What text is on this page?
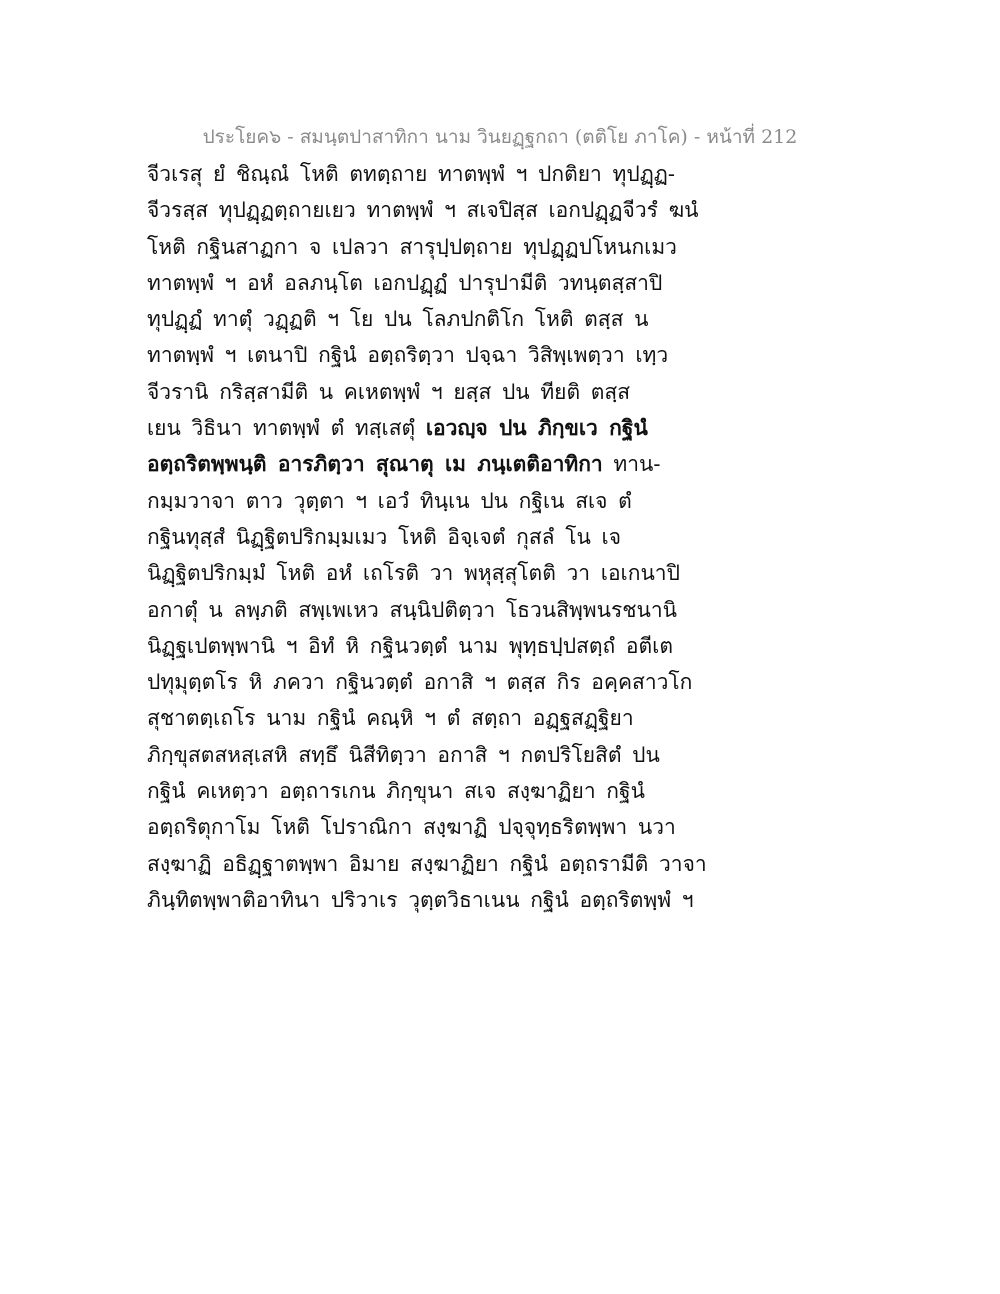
ประโยค๖ - สมนฺตปาสาทิกา นาม วินยฏฺฐกถา (ตติโย ภาโค) - หน้าที่ 212
จีวเรสุ ยํ ชิณฺณํ โหติ ตทตฺถาย ทาตพฺพํ ฯ ปกติยา ทุปฏฺฏ-
จีวรสฺส ทุปฏฺฏตฺถายเยว ทาตพฺพํ ฯ สเจปิสฺส เอกปฏฺฏจีวรํ ฆนํ
โหติ กฐินสาฏกา จ เปลวา สารุปฺปตฺถาย ทุปฏฺฏปโหนกเมว
ทาตพฺพํ ฯ อหํ อลภนฺโต เอกปฏฺฏํ ปารุปามีติ วทนฺตสฺสาปิ
ทุปฏฺฏํ ทาตุํ วฏฺฏติ ฯ โย ปน โลภปกติโก โหติ ตสฺส น
ทาตพฺพํ ฯ เตนาปิ กฐินํ อตฺถริตฺวา ปจฺฉา วิสิพฺเพตฺวา เทฺว
จีวรานิ กริสฺสามีติ น คเหตพฺพํ ฯ ยสฺส ปน ทียติ ตสฺส
เยน วิธินา ทาตพฺพํ ตํ ทสฺเสตุํ เอวญฺจ ปน ภิกฺขเว กฐินํ
อตฺถริตพฺพนฺติ อารภิตฺวา สุณาตุ เม ภนฺเตติอาทิกา ทาน-
กมฺมวาจา ตาว วุตฺตา ฯ เอวํ ทินฺเน ปน กฐิเน สเจ ตํ
กฐินทุสฺสํ นิฏฺฐิตปริกมฺมเมว โหติ อิจฺเจตํ กุสลํ โน เจ
นิฏฺฐิตปริกมฺมํ โหติ อหํ เถโรติ วา พหุสฺสุโตติ วา เอเกนาปิ
อกาตุํ น ลพฺภติ สพฺเพเหว สนฺนิปติตฺวา โธวนสิพฺพนรชนานิ
นิฏฺฐเปตพฺพานิ ฯ อิทํ หิ กฐินวตฺตํ นาม พุทฺธปฺปสตฺถํ อตีเต
ปทุมุตฺตโร หิ ภควา กฐินวตฺตํ อกาสิ ฯ ตสฺส กิร อคฺคสาวโก
สุชาตตฺเถโร นาม กฐินํ คณฺหิ ฯ ตํ สตฺถา อฏฺฐสฏฺฐิยา
ภิกฺขุสตสหสฺเสหิ สทฺธึ นิสีทิตฺวา อกาสิ ฯ กตปริโยสิตํ ปน
กฐินํ คเหตฺวา อตฺถารเกน ภิกฺขุนา สเจ สงฺฆาฏิยา กฐินํ
อตฺถริตุกาโม โหติ โปราณิกา สงฺฆาฏิ ปจฺจุทฺธริตพฺพา นวา
สงฺฆาฏิ อธิฏฺฐาตพฺพา อิมาย สงฺฆาฏิยา กฐินํ อตฺถรามีติ วาจา
ภินฺทิตพฺพาติอาทินา ปริวาเร วุตฺตวิธาเนน กฐินํ อตฺถริตพฺพํ ฯ
